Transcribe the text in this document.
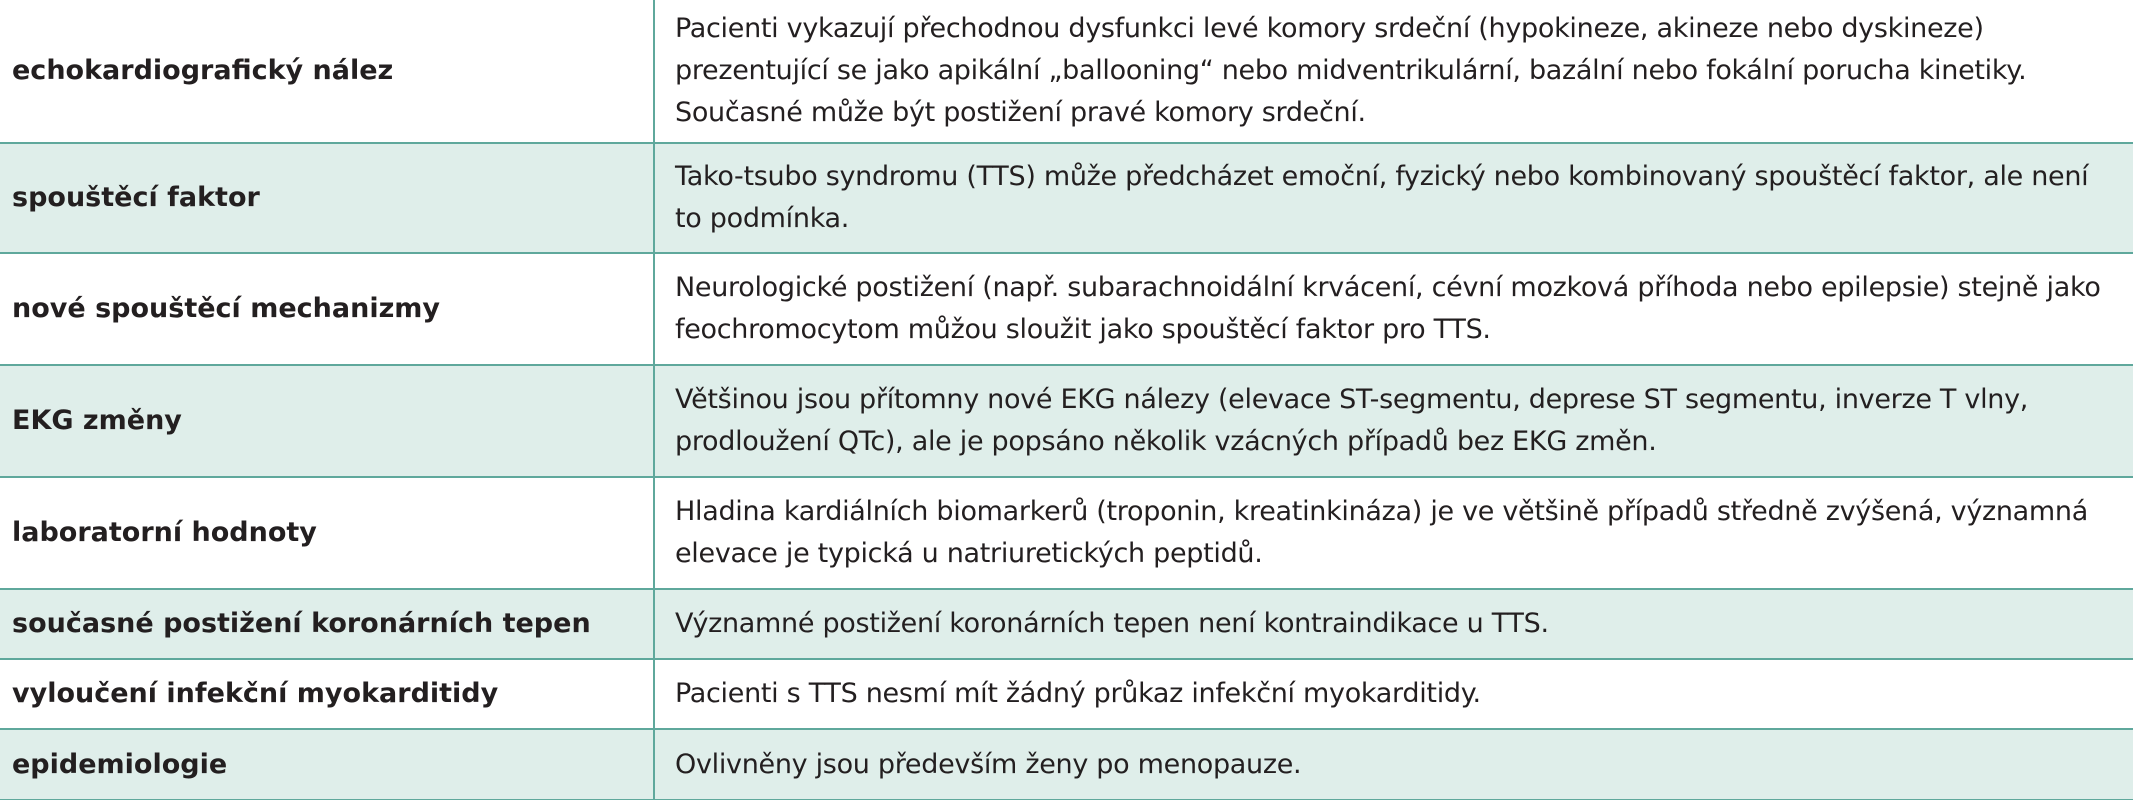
echokardiografický nález	Pacienti vykazují přechodnou dysfunkci levé komory srdeční (hypokineze, akineze nebo dyskineze) prezentující se jako apikální „ballooning“ nebo midventrikulární, bazální nebo fokální porucha kinetiky. Současné může být postižení pravé komory srdeční.

spouštěcí faktor	Tako-tsubo syndromu (TTS) může předcházet emoční, fyzický nebo kombinovaný spouštěcí faktor, ale není to podmínka.

nové spouštěcí mechanizmy	Neurologické postižení (např. subarachnoidální krvácení, cévní mozková příhoda nebo epilepsie) stejně jako feochromocytom můžou sloužit jako spouštěcí faktor pro TTS.

EKG změny	Většinou jsou přítomny nové EKG nálezy (elevace ST-segmentu, deprese ST segmentu, inverze T vlny, prodloužení QTc), ale je popsáno několik vzácných případů bez EKG změn.

laboratorní hodnoty	Hladina kardiálních biomarkerů (troponin, kreatinkináza) je ve většině případů středně zvýšená, významná elevace je typická u natriuretických peptidů.

současné postižení koronárních tepen	Významné postižení koronárních tepen není kontraindikace u TTS.

vyloučení infekční myokarditidy	Pacienti s TTS nesmí mít žádný průkaz infekční myokarditidy.

epidemiologie	Ovlivněny jsou především ženy po menopauze.
